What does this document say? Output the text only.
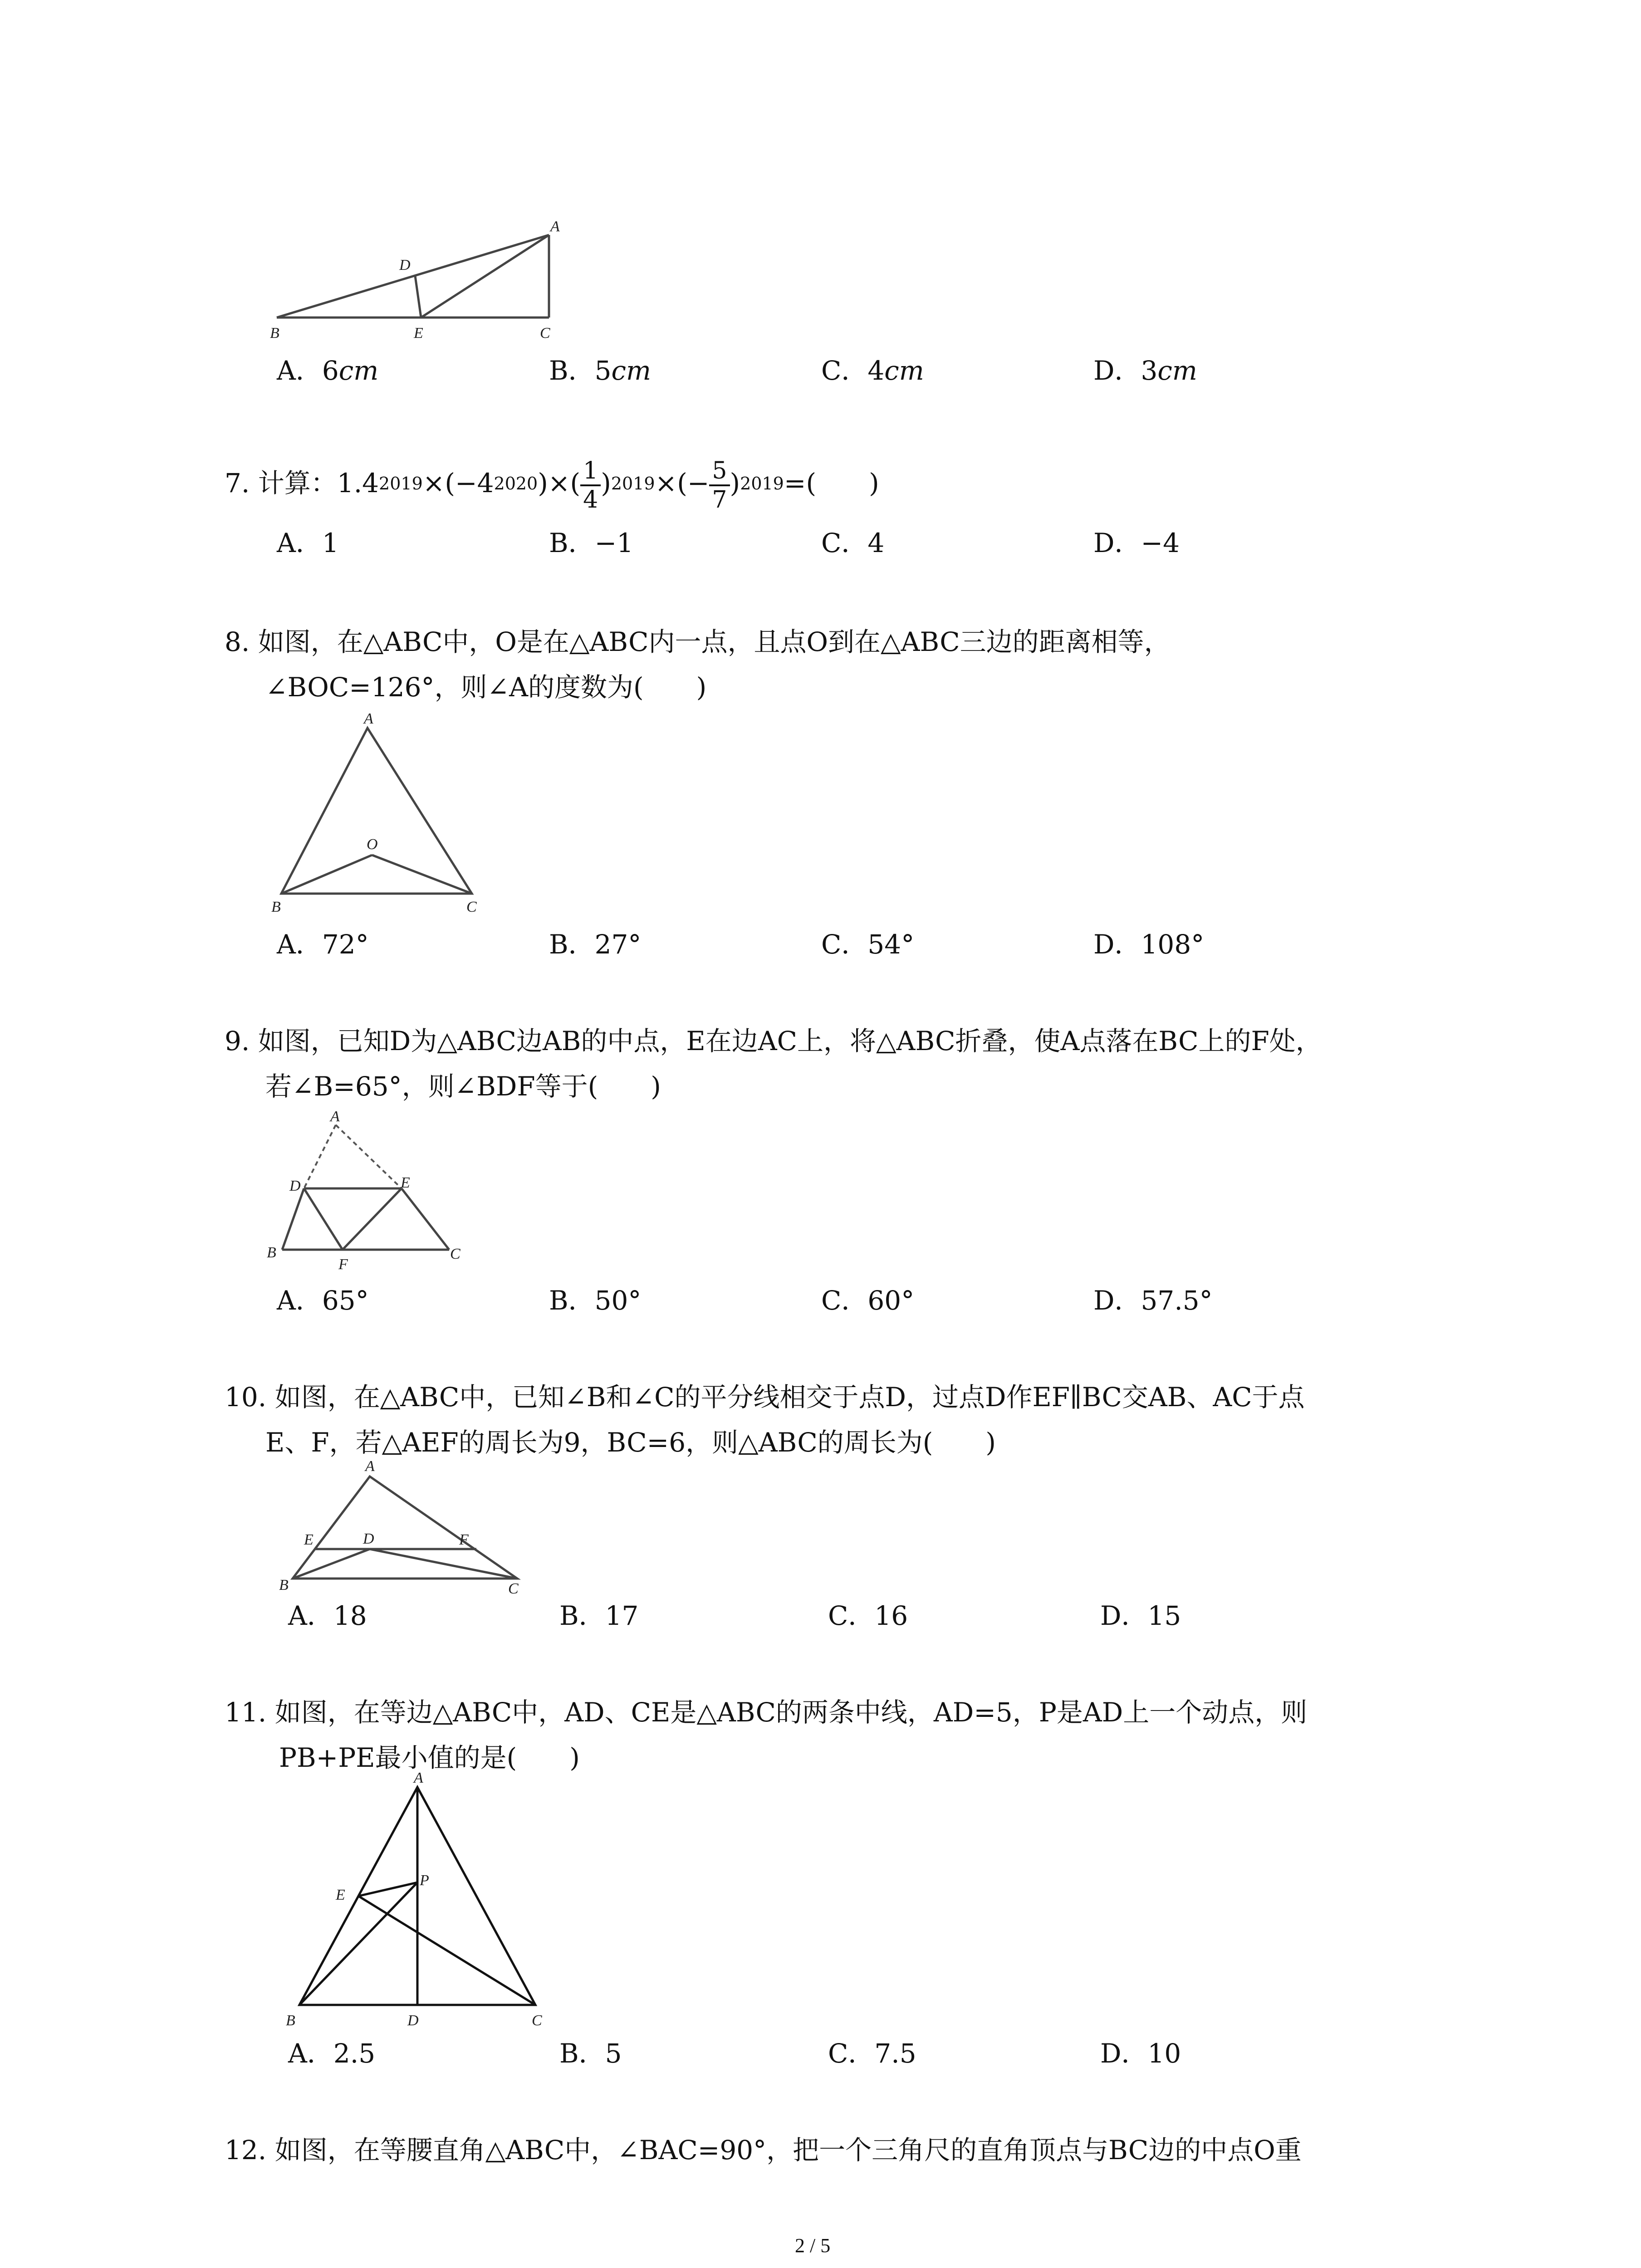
A
D
B	E	C
A．6cm	B．5cm	C．4cm	D．3cm
7. 计算：$1.4^{2019}\times(-4^{2020})\times( \frac{1}{4} )^{2019}\times(- \frac{5}{7} )^{2019}=$(　　)
A．1	B．−1	C．4	D．−4
8. 如图，在△ABC中，O是在△ABC内一点，且点O到在△ABC三边的距离相等，
∠BOC=126°，则∠A的度数为(　　)
A
O
B	C
A．72°	B．27°	C．54°	D．108°
9. 如图，已知D为△ABC边AB的中点，E在边AC上，将△ABC折叠，使A点落在BC上的F处，
若∠B=65°，则∠BDF等于(　　)
A
D	E
B	C
F
A．65°	B．50°	C．60°	D．57.5°
10. 如图，在△ABC中，已知∠B和∠C的平分线相交于点D，过点D作EF∥BC交AB、AC于点
E、F，若△AEF的周长为9，BC=6，则△ABC的周长为(　　)
A
E	D	F
B	C
A．18	B．17	C．16	D．15
11. 如图，在等边△ABC中，AD、CE是△ABC的两条中线，AD=5，P是AD上一个动点，则
PB+PE最小值的是(　　)
A
E
P
B	D	C
A．2.5	B．5	C．7.5	D．10
12. 如图，在等腰直角△ABC中，∠BAC=90°，把一个三角尺的直角顶点与BC边的中点O重
2 / 5
